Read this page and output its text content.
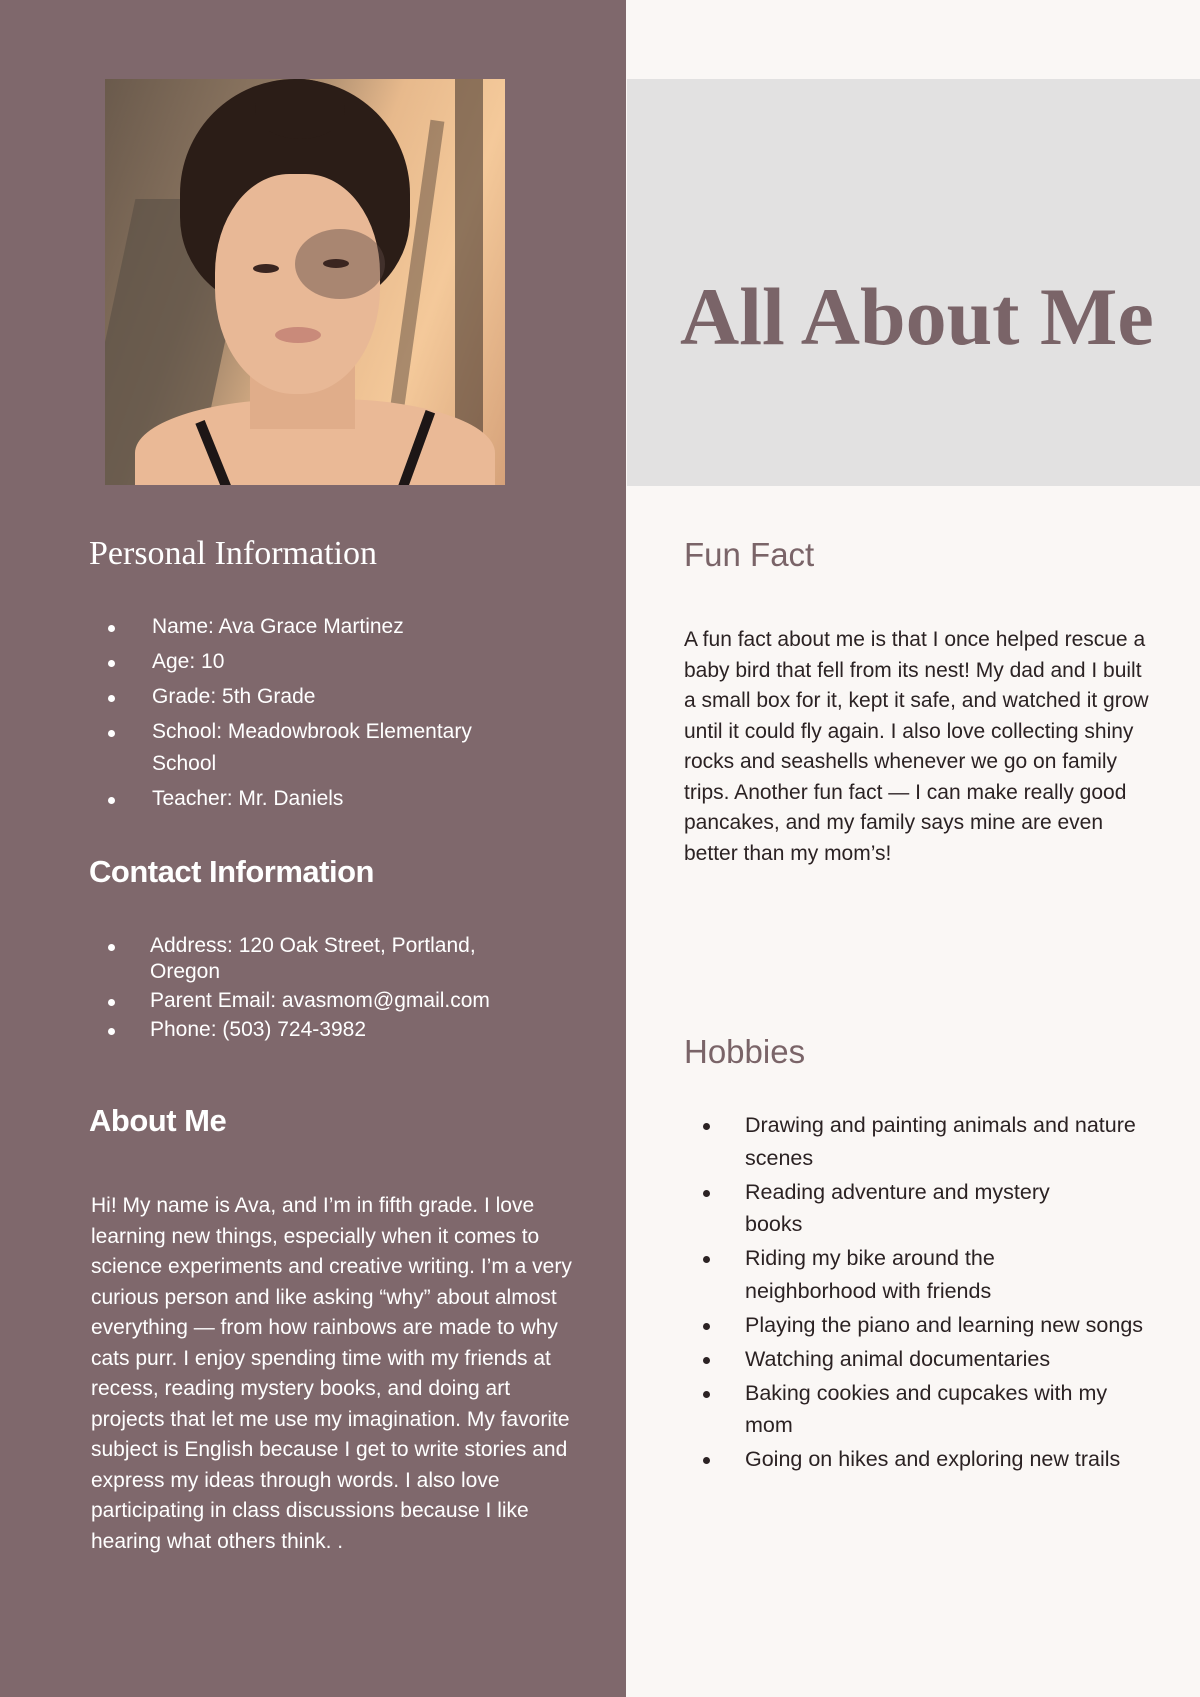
All About Me
Personal Information
Name: Ava Grace Martinez
Age: 10
Grade: 5th Grade
School: Meadowbrook Elementary School
Teacher: Mr. Daniels
Contact Information
Address: 120 Oak Street, Portland, Oregon
Parent Email: avasmom@gmail.com
Phone: (503) 724-3982
About Me

Hi! My name is Ava, and I’m in fifth grade. I love learning new things, especially when it comes to science experiments and creative writing. I’m a very curious person and like asking “why” about almost everything — from how rainbows are made to why cats purr. I enjoy spending time with my friends at recess, reading mystery books, and doing art projects that let me use my imagination. My favorite subject is English because I get to write stories and express my ideas through words. I also love participating in class discussions because I like hearing what others think. .

Fun Fact

A fun fact about me is that I once helped rescue a baby bird that fell from its nest! My dad and I built a small box for it, kept it safe, and watched it grow until it could fly again. I also love collecting shiny rocks and seashells whenever we go on family trips. Another fun fact — I can make really good pancakes, and my family says mine are even better than my mom’s!

Hobbies
Drawing and painting animals and nature scenes
Reading adventure and mystery books
Riding my bike around the neighborhood with friends
Playing the piano and learning new songs
Watching animal documentaries
Baking cookies and cupcakes with my mom
Going on hikes and exploring new trails
